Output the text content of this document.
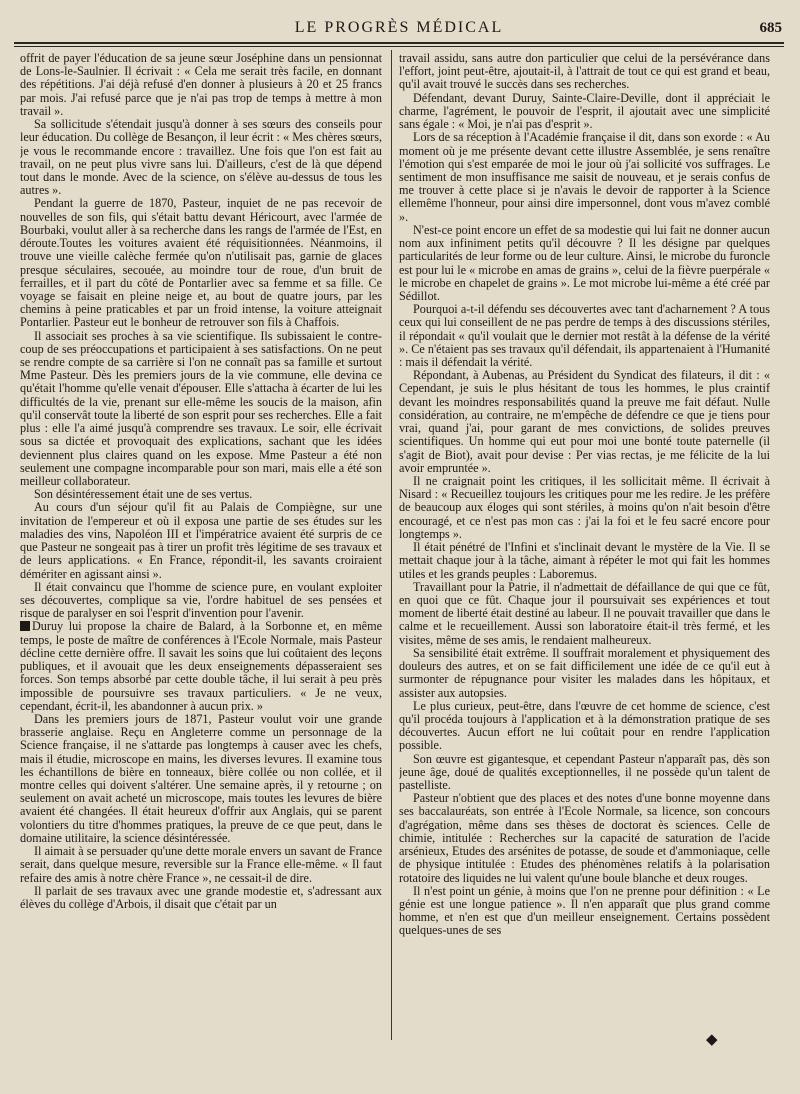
LE PROGRÈS MÉDICAL	685

offrit de payer l'éducation de sa jeune sœur Joséphine dans un pensionnat de Lons-le-Saulnier. Il écrivait : « Cela me serait très facile, en donnant des répétitions. J'ai déjà refusé d'en donner à plusieurs à 20 et 25 francs par mois. J'ai refusé parce que je n'ai pas trop de temps à mettre à mon travail ».

Sa sollicitude s'étendait jusqu'à donner à ses sœurs des conseils pour leur éducation. Du collège de Besançon, il leur écrit : « Mes chères sœurs, je vous le recommande encore : travaillez. Une fois que l'on est fait au travail, on ne peut plus vivre sans lui. D'ailleurs, c'est de là que dépend tout dans le monde. Avec de la science, on s'élève au-dessus de tous les autres ».

Pendant la guerre de 1870, Pasteur, inquiet de ne pas recevoir de nouvelles de son fils, qui s'était battu devant Héricourt, avec l'armée de Bourbaki, voulut aller à sa recherche dans les rangs de l'armée de l'Est, en déroute.Toutes les voitures avaient été réquisitionnées. Néanmoins, il trouve une vieille calèche fermée qu'on n'utilisait pas, garnie de glaces presque séculaires, secouée, au moindre tour de roue, d'un bruit de ferrailles, et il part du côté de Pontarlier avec sa femme et sa fille. Ce voyage se faisait en pleine neige et, au bout de quatre jours, par les chemins à peine praticables et par un froid intense, la voiture atteignait Pontarlier. Pasteur eut le bonheur de retrouver son fils à Chaffois.

Il associait ses proches à sa vie scientifique. Ils subissaient le contre-coup de ses préoccupations et participaient à ses satisfactions. On ne peut se rendre compte de sa carrière si l'on ne connaît pas sa famille et surtout Mme Pasteur. Dès les premiers jours de la vie commune, elle devina ce qu'était l'homme qu'elle venait d'épouser. Elle s'attacha à écarter de lui les difficultés de la vie, prenant sur elle-même les soucis de la maison, afin qu'il conservât toute la liberté de son esprit pour ses recherches. Elle a fait plus : elle l'a aimé jusqu'à comprendre ses travaux. Le soir, elle écrivait sous sa dictée et provoquait des explications, sachant que les idées deviennent plus claires quand on les expose. Mme Pasteur a été non seulement une compagne incomparable pour son mari, mais elle a été son meilleur collaborateur.

Son désintéressement était une de ses vertus.

Au cours d'un séjour qu'il fit au Palais de Compiègne, sur une invitation de l'empereur et où il exposa une partie de ses études sur les maladies des vins, Napoléon III et l'impératrice avaient été surpris de ce que Pasteur ne songeait pas à tirer un profit très légitime de ses travaux et de leurs applications. « En France, répondit-il, les savants croiraient démériter en agissant ainsi ».

Il était convaincu que l'homme de science pure, en voulant exploiter ses découvertes, complique sa vie, l'ordre habituel de ses pensées et risque de paralyser en soi l'esprit d'invention pour l'avenir.

Duruy lui propose la chaire de Balard, à la Sorbonne et, en même temps, le poste de maître de conférences à l'Ecole Normale, mais Pasteur décline cette dernière offre. Il savait les soins que lui coûtaient des leçons publiques, et il avouait que les deux enseignements dépasseraient ses forces. Son temps absorbé par cette double tâche, il lui serait à peu près impossible de poursuivre ses travaux particuliers. « Je ne veux, cependant, écrit-il, les abandonner à aucun prix. »

Dans les premiers jours de 1871, Pasteur voulut voir une grande brasserie anglaise. Reçu en Angleterre comme un personnage de la Science française, il ne s'attarde pas longtemps à causer avec les chefs, mais il étudie, microscope en mains, les diverses levures. Il examine tous les échantillons de bière en tonneaux, bière collée ou non collée, et il montre celles qui doivent s'altérer. Une semaine après, il y retourne ; on seulement on avait acheté un microscope, mais toutes les levures de bière avaient été changées. Il était heureux d'offrir aux Anglais, qui se parent volontiers du titre d'hommes pratiques, la preuve de ce que peut, dans le domaine utilitaire, la science désintéressée.

Il aimait à se persuader qu'une dette morale envers un savant de France serait, dans quelque mesure, reversible sur la France elle-même. « Il faut refaire des amis à notre chère France », ne cessait-il de dire.

Il parlait de ses travaux avec une grande modestie et, s'adressant aux élèves du collège d'Arbois, il disait que c'était par un

travail assidu, sans autre don particulier que celui de la persévérance dans l'effort, joint peut-être, ajoutait-il, à l'attrait de tout ce qui est grand et beau, qu'il avait trouvé le succès dans ses recherches.

Défendant, devant Duruy, Sainte-Claire-Deville, dont il appréciait le charme, l'agrément, le pouvoir de l'esprit, il ajoutait avec une simplicité sans égale : « Moi, je n'ai pas d'esprit ».

Lors de sa réception à l'Académie française il dit, dans son exorde : « Au moment où je me présente devant cette illustre Assemblée, je sens renaître l'émotion qui s'est emparée de moi le jour où j'ai sollicité vos suffrages. Le sentiment de mon insuffisance me saisit de nouveau, et je serais confus de me trouver à cette place si je n'avais le devoir de rapporter à la Science ellemême l'honneur, pour ainsi dire impersonnel, dont vous m'avez comblé ».

N'est-ce point encore un effet de sa modestie qui lui fait ne donner aucun nom aux infiniment petits qu'il découvre ? Il les désigne par quelques particularités de leur forme ou de leur culture. Ainsi, le microbe du furoncle est pour lui le « microbe en amas de grains », celui de la fièvre puerpérale « le microbe en chapelet de grains ». Le mot microbe lui-même a été créé par Sédillot.

Pourquoi a-t-il défendu ses découvertes avec tant d'acharnement ? A tous ceux qui lui conseillent de ne pas perdre de temps à des discussions stériles, il répondait « qu'il voulait que le dernier mot restât à la défense de la vérité ». Ce n'étaient pas ses travaux qu'il défendait, ils appartenaient à l'Humanité : mais il défendait la vérité.

Répondant, à Aubenas, au Président du Syndicat des filateurs, il dit : « Cependant, je suis le plus hésitant de tous les hommes, le plus craintif devant les moindres responsabilités quand la preuve me fait défaut. Nulle considération, au contraire, ne m'empêche de défendre ce que je tiens pour vrai, quand j'ai, pour garant de mes convictions, de solides preuves scientifiques. Un homme qui eut pour moi une bonté toute paternelle (il s'agit de Biot), avait pour devise : Per vias rectas, je me félicite de la lui avoir empruntée ».

Il ne craignait point les critiques, il les sollicitait même. Il écrivait à Nisard : « Recueillez toujours les critiques pour me les redire. Je les préfère de beaucoup aux éloges qui sont stériles, à moins qu'on n'ait besoin d'être encouragé, et ce n'est pas mon cas : j'ai la foi et le feu sacré encore pour longtemps ».

Il était pénétré de l'Infini et s'inclinait devant le mystère de la Vie. Il se mettait chaque jour à la tâche, aimant à répéter le mot qui fait les hommes utiles et les grands peuples : Laboremus.

Travaillant pour la Patrie, il n'admettait de défaillance de qui que ce fût, en quoi que ce fût. Chaque jour il poursuivait ses expériences et tout moment de liberté était destiné au labeur. Il ne pouvait travailler que dans le calme et le recueillement. Aussi son laboratoire était-il très fermé, et les visites, même de ses amis, le rendaient malheureux.

Sa sensibilité était extrême. Il souffrait moralement et physiquement des douleurs des autres, et on se fait difficilement une idée de ce qu'il eut à surmonter de répugnance pour visiter les malades dans les hôpitaux, et assister aux autopsies.

Le plus curieux, peut-être, dans l'œuvre de cet homme de science, c'est qu'il procéda toujours à l'application et à la démonstration pratique de ses découvertes. Aucun effort ne lui coûtait pour en rendre l'application possible.

Son œuvre est gigantesque, et cependant Pasteur n'apparaît pas, dès son jeune âge, doué de qualités exceptionnelles, il ne possède qu'un talent de pastelliste.

Pasteur n'obtient que des places et des notes d'une bonne moyenne dans ses baccalauréats, son entrée à l'Ecole Normale, sa licence, son concours d'agrégation, même dans ses thèses de doctorat ès sciences. Celle de chimie, intitulée : Recherches sur la capacité de saturation de l'acide arsénieux, Etudes des arsénites de potasse, de soude et d'ammoniaque, celle de physique intitulée : Etudes des phénomènes relatifs à la polarisation rotatoire des liquides ne lui valent qu'une boule blanche et deux rouges.

Il n'est point un génie, à moins que l'on ne prenne pour définition : « Le génie est une longue patience ». Il n'en apparaît que plus grand comme homme, et n'en est que d'un meilleur enseignement. Certains possèdent quelques-unes de ses

◆
